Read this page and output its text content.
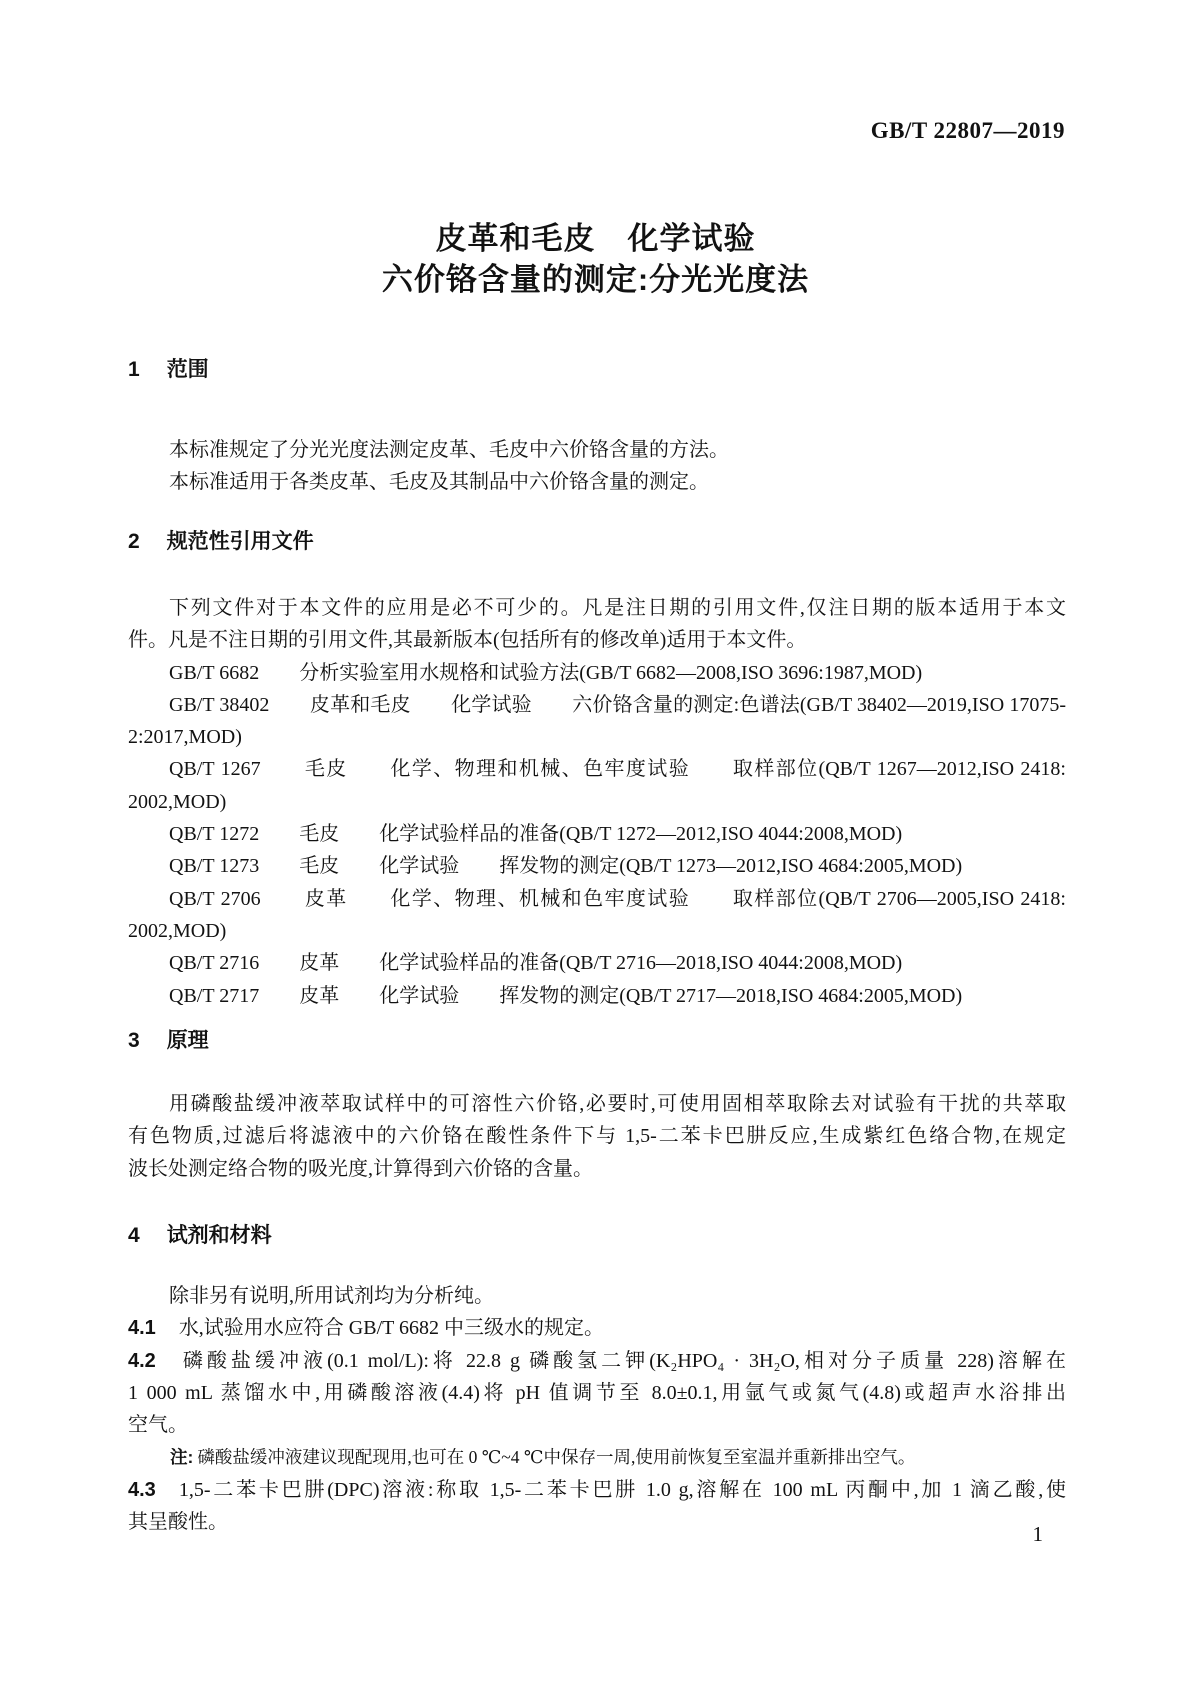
GB/T 22807—2019
皮革和毛皮　化学试验
六价铬含量的测定:分光光度法
1 范围
本标准规定了分光光度法测定皮革、毛皮中六价铬含量的方法。
本标准适用于各类皮革、毛皮及其制品中六价铬含量的测定。
2 规范性引用文件
下列文件对于本文件的应用是必不可少的。凡是注日期的引用文件,仅注日期的版本适用于本文
件。凡是不注日期的引用文件,其最新版本(包括所有的修改单)适用于本文件。
GB/T 6682　　分析实验室用水规格和试验方法(GB/T 6682—2008,ISO 3696:1987,MOD)
GB/T 38402　　皮革和毛皮　　化学试验　　六价铬含量的测定:色谱法(GB/T 38402—2019,ISO 17075-
2:2017,MOD)
QB/T 1267　　毛皮　　化学、物理和机械、色牢度试验　　取样部位(QB/T 1267—2012,ISO 2418:
2002,MOD)
QB/T 1272　　毛皮　　化学试验样品的准备(QB/T 1272—2012,ISO 4044:2008,MOD)
QB/T 1273　　毛皮　　化学试验　　挥发物的测定(QB/T 1273—2012,ISO 4684:2005,MOD)
QB/T 2706　　皮革　　化学、物理、机械和色牢度试验　　取样部位(QB/T 2706—2005,ISO 2418:
2002,MOD)
QB/T 2716　　皮革　　化学试验样品的准备(QB/T 2716—2018,ISO 4044:2008,MOD)
QB/T 2717　　皮革　　化学试验　　挥发物的测定(QB/T 2717—2018,ISO 4684:2005,MOD)
3 原理
用磷酸盐缓冲液萃取试样中的可溶性六价铬,必要时,可使用固相萃取除去对试验有干扰的共萃取
有色物质,过滤后将滤液中的六价铬在酸性条件下与 1,5-二苯卡巴肼反应,生成紫红色络合物,在规定
波长处测定络合物的吸光度,计算得到六价铬的含量。
4 试剂和材料
除非另有说明,所用试剂均为分析纯。
4.1 水,试验用水应符合 GB/T 6682 中三级水的规定。
4.2 磷酸盐缓冲液(0.1 mol/L):将 22.8 g 磷酸氢二钾(K₂HPO₄ · 3H₂O,相对分子质量 228)溶解在
1 000 mL 蒸馏水中,用磷酸溶液(4.4)将 pH 值调节至 8.0±0.1,用氩气或氮气(4.8)或超声水浴排出
空气。
注: 磷酸盐缓冲液建议现配现用,也可在 0 ℃~4 ℃中保存一周,使用前恢复至室温并重新排出空气。
4.3 1,5-二苯卡巴肼(DPC)溶液:称取 1,5-二苯卡巴肼 1.0 g,溶解在 100 mL 丙酮中,加 1 滴乙酸,使
其呈酸性。	1
